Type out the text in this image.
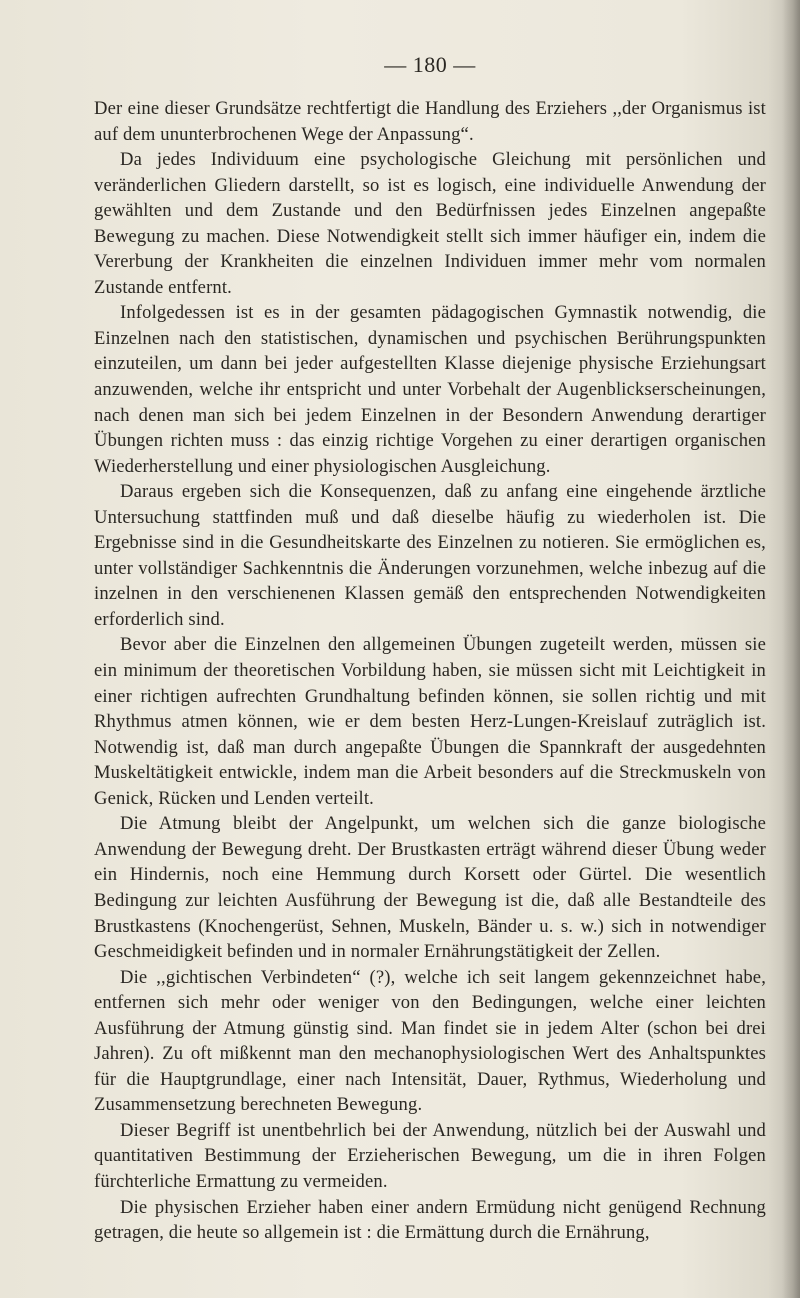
— 180 —

Der eine dieser Grundsätze rechtfertigt die Handlung des Erziehers ,,der Organismus ist auf dem ununterbrochenen Wege der Anpassung“.

Da jedes Individuum eine psychologische Gleichung mit persönlichen und veränderlichen Gliedern darstellt, so ist es logisch, eine individuelle Anwendung der gewählten und dem Zustande und den Bedürfnissen jedes Einzelnen angepaßte Bewegung zu machen. Diese Notwendigkeit stellt sich immer häufiger ein, indem die Vererbung der Krankheiten die einzelnen Individuen immer mehr vom normalen Zustande entfernt.

Infolgedessen ist es in der gesamten pädagogischen Gymnastik notwendig, die Einzelnen nach den statistischen, dynamischen und psychischen Berührungspunkten einzuteilen, um dann bei jeder aufgestellten Klasse diejenige physische Erziehungsart anzuwenden, welche ihr entspricht und unter Vorbehalt der Augenblickserscheinungen, nach denen man sich bei jedem Einzelnen in der Besondern Anwendung derartiger Übungen richten muss : das einzig richtige Vorgehen zu einer derartigen organischen Wiederherstellung und einer physiologischen Ausgleichung.

Daraus ergeben sich die Konsequenzen, daß zu anfang eine eingehende ärztliche Untersuchung stattfinden muß und daß dieselbe häufig zu wiederholen ist. Die Ergebnisse sind in die Gesundheitskarte des Einzelnen zu notieren. Sie ermöglichen es, unter vollständiger Sachkenntnis die Änderungen vorzunehmen, welche inbezug auf die inzelnen in den verschienenen Klassen gemäß den entsprechenden Notwendigkeiten erforderlich sind.

Bevor aber die Einzelnen den allgemeinen Übungen zugeteilt werden, müssen sie ein minimum der theoretischen Vorbildung haben, sie müssen sicht mit Leichtigkeit in einer richtigen aufrechten Grundhaltung befinden können, sie sollen richtig und mit Rhythmus atmen können, wie er dem besten Herz-Lungen-Kreislauf zuträglich ist. Notwendig ist, daß man durch angepaßte Übungen die Spannkraft der ausgedehnten Muskeltätigkeit entwickle, indem man die Arbeit besonders auf die Streckmuskeln von Genick, Rücken und Lenden verteilt.

Die Atmung bleibt der Angelpunkt, um welchen sich die ganze biologische Anwendung der Bewegung dreht. Der Brustkasten erträgt während dieser Übung weder ein Hindernis, noch eine Hemmung durch Korsett oder Gürtel. Die wesentlich Bedingung zur leichten Ausführung der Bewegung ist die, daß alle Bestandteile des Brustkastens (Knochengerüst, Sehnen, Muskeln, Bänder u. s. w.) sich in notwendiger Geschmeidigkeit befinden und in normaler Ernährungstätigkeit der Zellen.

Die ,,gichtischen Verbindeten“ (?), welche ich seit langem gekennzeichnet habe, entfernen sich mehr oder weniger von den Bedingungen, welche einer leichten Ausführung der Atmung günstig sind. Man findet sie in jedem Alter (schon bei drei Jahren). Zu oft mißkennt man den mechanophysiologischen Wert des Anhaltspunktes für die Hauptgrundlage, einer nach Intensität, Dauer, Rythmus, Wiederholung und Zusammensetzung berechneten Bewegung.

Dieser Begriff ist unentbehrlich bei der Anwendung, nützlich bei der Auswahl und quantitativen Bestimmung der Erzieherischen Bewegung, um die in ihren Folgen fürchterliche Ermattung zu vermeiden.

Die physischen Erzieher haben einer andern Ermüdung nicht genügend Rechnung getragen, die heute so allgemein ist : die Ermättung durch die Ernährung,
